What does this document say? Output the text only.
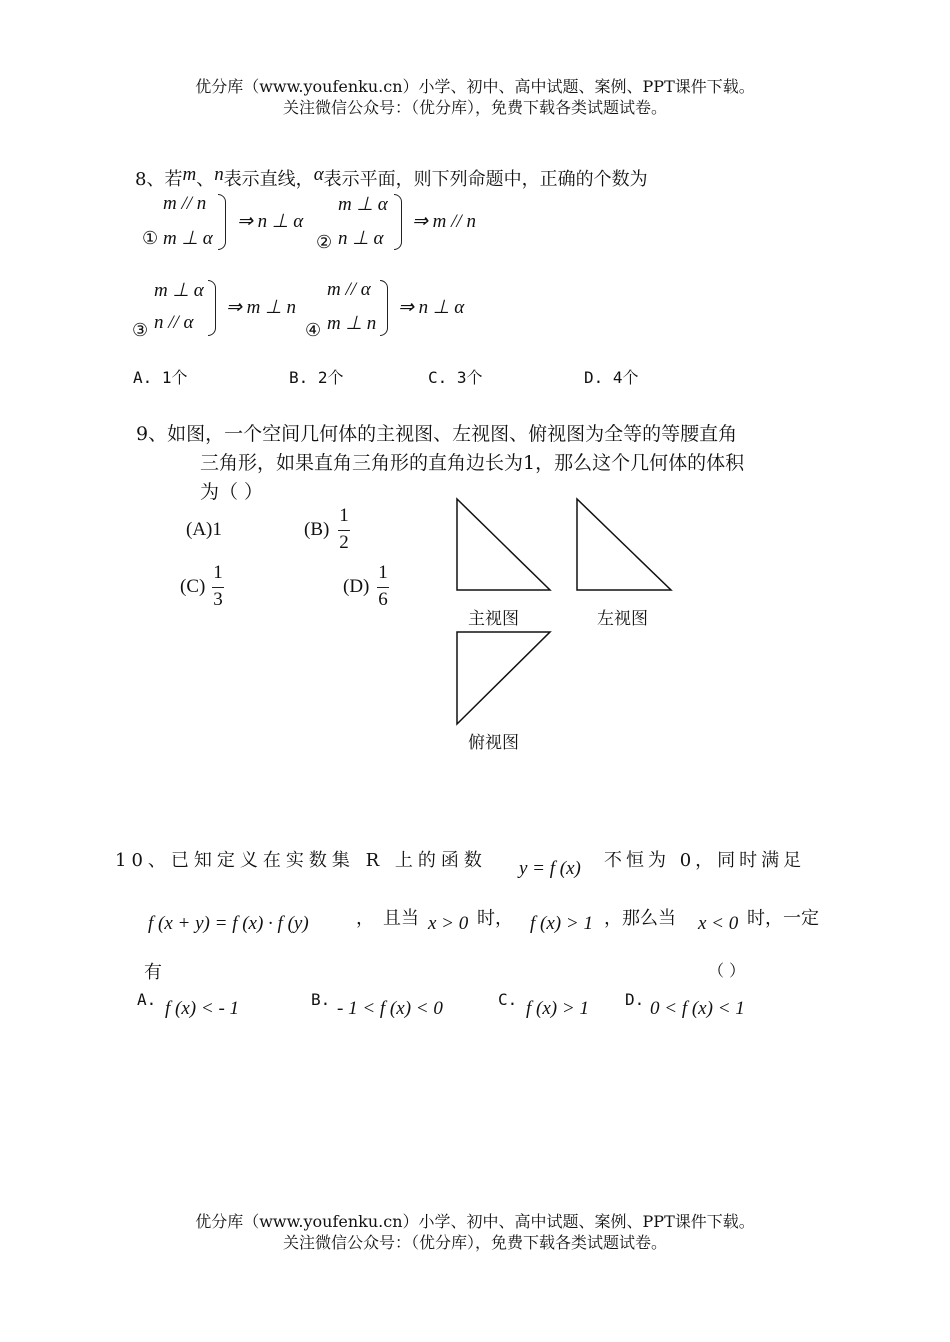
优分库（www.youfenku.cn）小学、初中、高中试题、案例、PPT课件下载。
关注微信公众号：（优分库），免费下载各类试题试卷。
8、若m、n表示直线，α表示平面，则下列命题中，正确的个数为
①
m // n
m ⊥ α
⇒ n ⊥ α
②
m ⊥ α
n ⊥ α
⇒ m // n
③
m ⊥ α
n // α
⇒ m ⊥ n
④
m // α
m ⊥ n
⇒ n ⊥ α
A. 1个	B. 2个	C. 3个	D. 4个
9、如图，一个空间几何体的主视图、左视图、俯视图为全等的等腰直角
三角形，如果直角三角形的直角边长为1，那么这个几何体的体积
为（ ）
(A)1	(B)
1
2
(C)
1
3
(D)
1
6
主视图	左视图
俯视图
10、已知定义在实数集 R 上的函数 y = f (x) 不恒为 0，同时满足
f (x + y) = f (x) · f (y)	， 且当 x > 0 时， f (x) > 1 ，那么当 x < 0 时，一定
有	（ ）
A. f (x) < - 1	B. - 1 < f (x) < 0	C. f (x) > 1 D. 0 < f (x) < 1
优分库（www.youfenku.cn）小学、初中、高中试题、案例、PPT课件下载。
关注微信公众号：（优分库），免费下载各类试题试卷。
